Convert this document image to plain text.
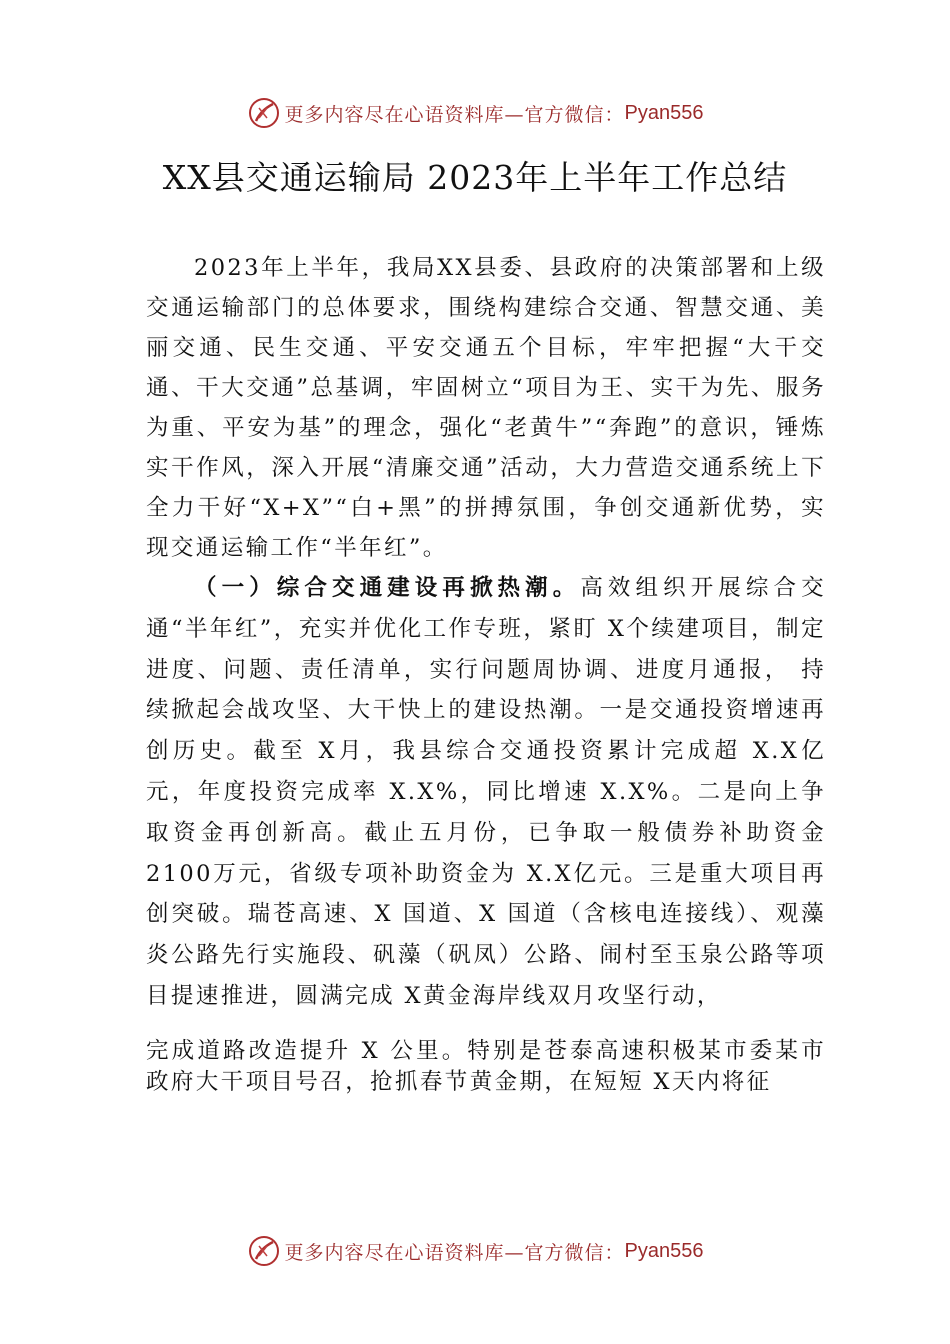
更多内容尽在心语资料库—官方微信： Pyan556
XX县交通运输局 2023年上半年工作总结

2023年上半年，我局XX县委、县政府的决策部署和上级交通运输部门的总体要求，围绕构建综合交通、智慧交通、美丽交通、民生交通、平安交通五个目标，牢牢把握“大干交通、干大交通”总基调，牢固树立“项目为王、实干为先、服务为重、平安为基”的理念，强化“老黄牛”“奔跑”的意识，锤炼实干作风，深入开展“清廉交通”活动，大力营造交通系统上下全力干好“X+X”“白+黑”的拼搏氛围，争创交通新优势，实现交通运输工作“半年红”。

（一）综合交通建设再掀热潮。高效组织开展综合交通“半年红”，充实并优化工作专班，紧盯 X个续建项目，制定进度、问题、责任清单，实行问题周协调、进度月通报， 持续掀起会战攻坚、大干快上的建设热潮。一是交通投资增速再创历史。截至 X月，我县综合交通投资累计完成超 X.X亿元，年度投资完成率 X.X%，同比增速 X.X%。二是向上争取资金再创新高。截止五月份，已争取一般债券补助资金2100万元，省级专项补助资金为 X.X亿元。三是重大项目再创突破。瑞苍高速、X 国道、X 国道（含核电连接线）、观藻炎公路先行实施段、矾藻（矾凤）公路、闹村至玉泉公路等项目提速推进，圆满完成 X黄金海岸线双月攻坚行动，

完成道路改造提升 X 公里。特别是苍泰高速积极某市委某市政府大干项目号召，抢抓春节黄金期，在短短 X天内将征

更多内容尽在心语资料库—官方微信： Pyan556
